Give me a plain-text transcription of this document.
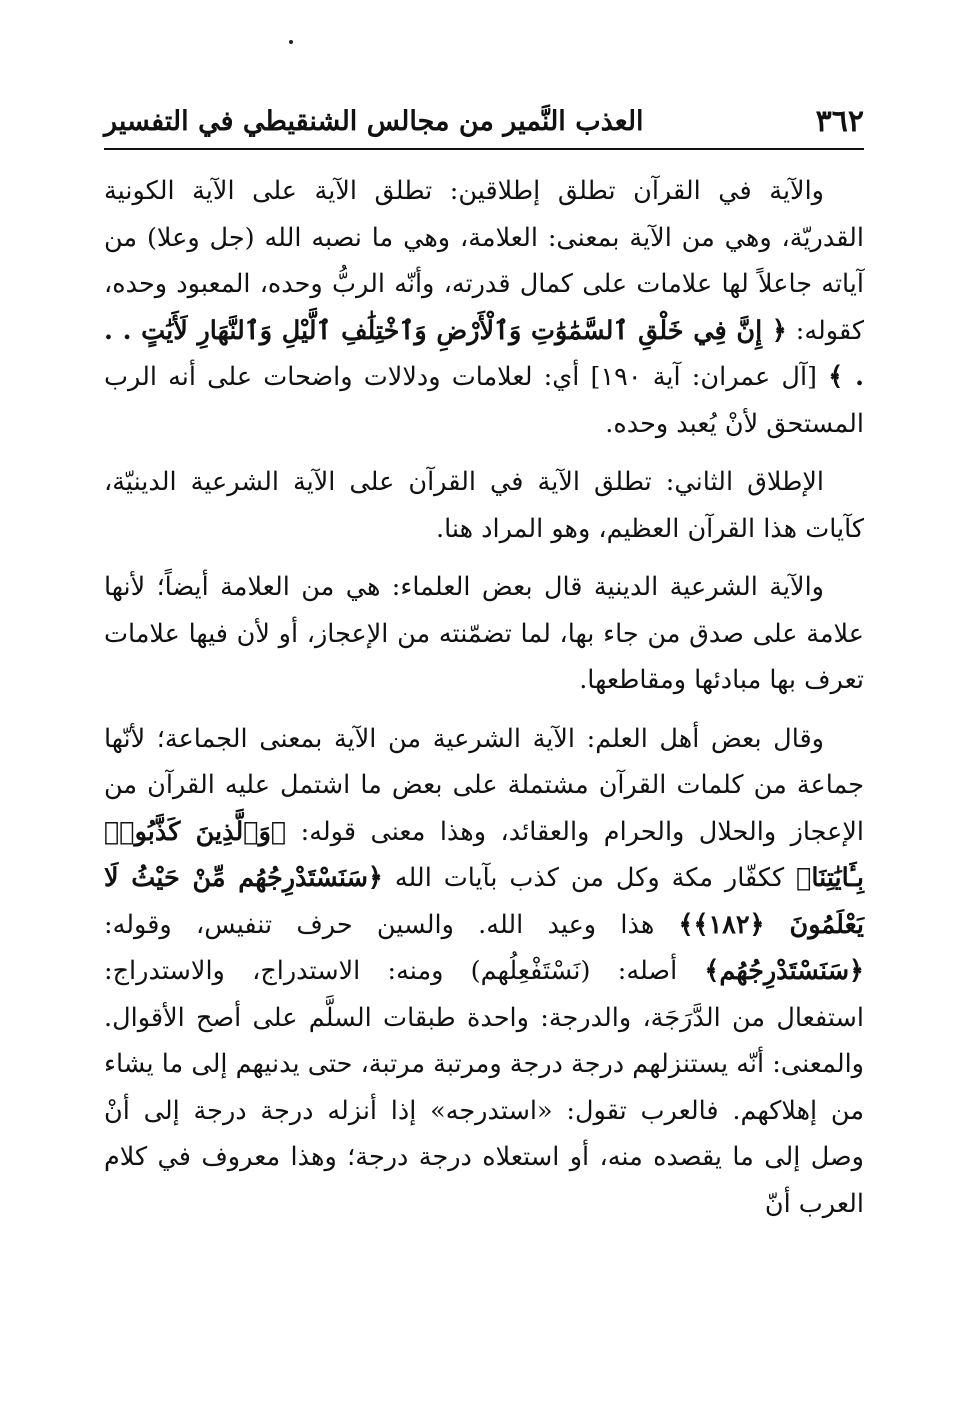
٣٦٢
العذب النَّمير من مجالس الشنقيطي في التفسير

والآية في القرآن تطلق إطلاقين: تطلق الآية على الآية الكونية القدريّة، وهي من الآية بمعنى: العلامة، وهي ما نصبه الله (جل وعلا) من آياته جاعلاً لها علامات على كمال قدرته، وأنّه الربُّ وحده، المعبود وحده، كقوله: ﴿ إِنَّ فِي خَلْقِ ٱلسَّمَٰوَٰتِ وَٱلْأَرْضِ وَٱخْتِلَٰفِ ٱلَّيْلِ وَٱلنَّهَارِ لَأَيَٰتٍ . . . ﴾ [آل عمران: آية ١٩٠] أي: لعلامات ودلالات واضحات على أنه الرب المستحق لأنْ يُعبد وحده.

الإطلاق الثاني: تطلق الآية في القرآن على الآية الشرعية الدينيّة، كآيات هذا القرآن العظيم، وهو المراد هنا.

والآية الشرعية الدينية قال بعض العلماء: هي من العلامة أيضاً؛ لأنها علامة على صدق من جاء بها، لما تضمّنته من الإعجاز، أو لأن فيها علامات تعرف بها مبادئها ومقاطعها.

وقال بعض أهل العلم: الآية الشرعية من الآية بمعنى الجماعة؛ لأنّها جماعة من كلمات القرآن مشتملة على بعض ما اشتمل عليه القرآن من الإعجاز والحلال والحرام والعقائد، وهذا معنى قوله: ﴿وَٱلَّذِينَ كَذَّبُوا۟ بِـَٔايَٰتِنَا﴾ ككفّار مكة وكل من كذب بآيات الله ﴿سَنَسْتَدْرِجُهُم مِّنْ حَيْثُ لَا يَعْلَمُونَ ﴿١٨٢﴾﴾ هذا وعيد الله. والسين حرف تنفيس، وقوله: ﴿سَنَسْتَدْرِجُهُم﴾ أصله: (نَسْتَفْعِلُهم) ومنه: الاستدراج، والاستدراج: استفعال من الدَّرَجَة، والدرجة: واحدة طبقات السلَّم على أصح الأقوال. والمعنى: أنّه يستنزلهم درجة درجة ومرتبة مرتبة، حتى يدنيهم إلى ما يشاء من إهلاكهم. فالعرب تقول: «استدرجه» إذا أنزله درجة درجة إلى أنْ وصل إلى ما يقصده منه، أو استعلاه درجة درجة؛ وهذا معروف في كلام العرب أنّ
